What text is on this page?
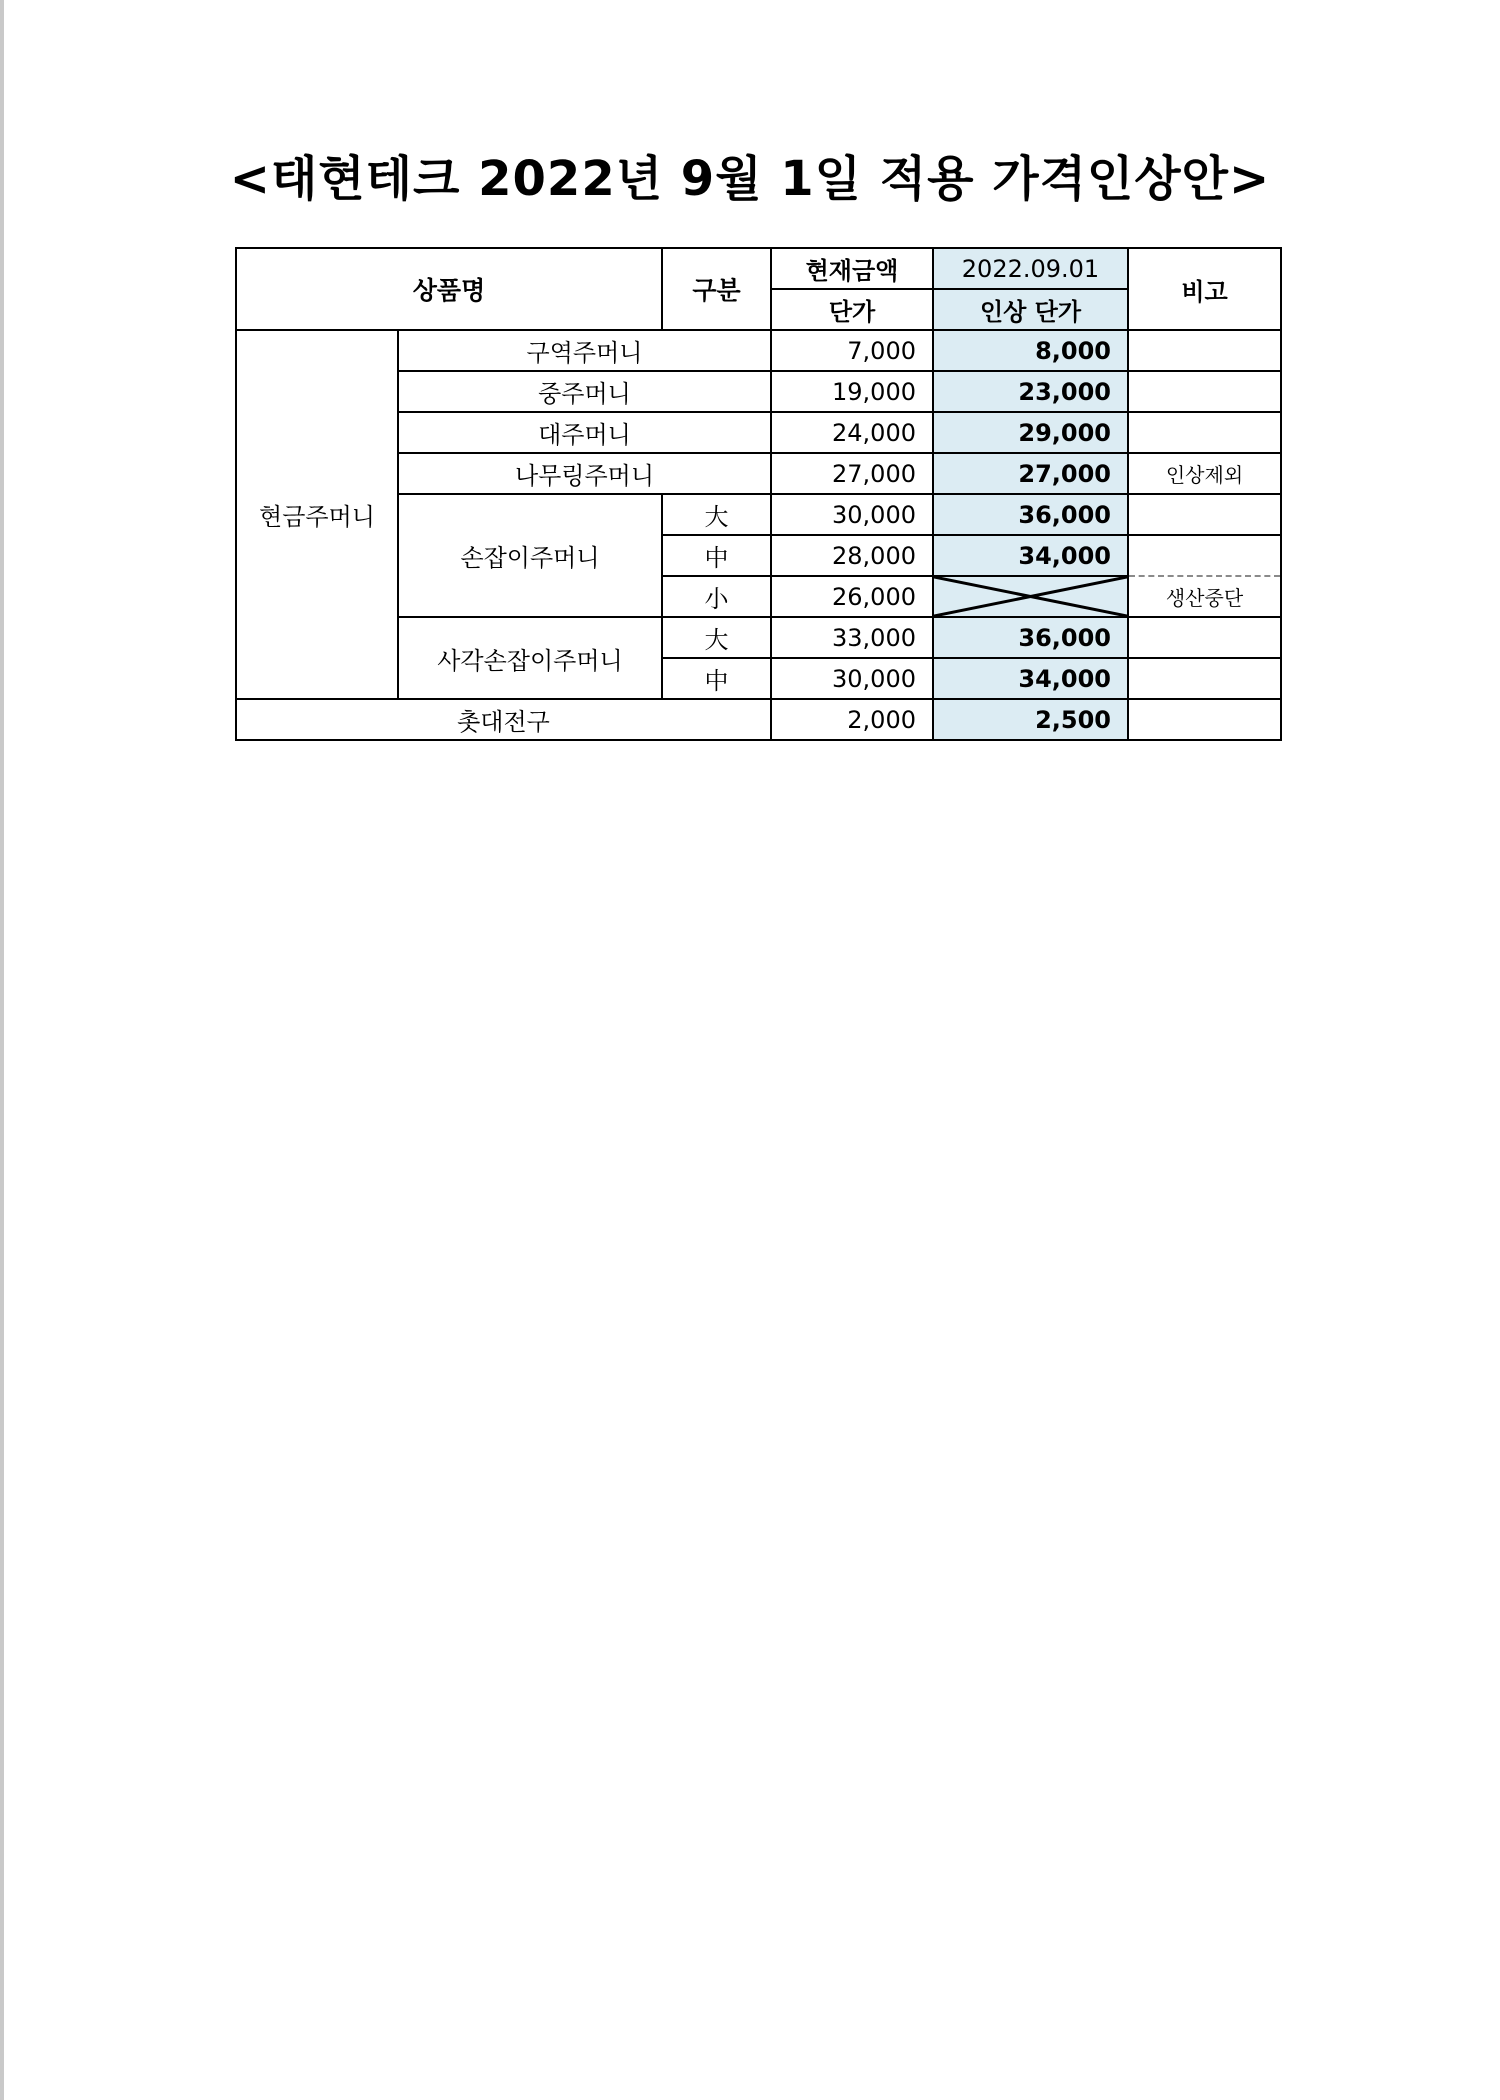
<태현테크 2022년 9월 1일 적용 가격인상안>
상품명		구분	현재금액	2022.09.01	비고
			단가	인상 단가	
현금주머니	구역주머니		7,000	8,000	
	중주머니		19,000	23,000	
	대주머니		24,000	29,000	
	나무링주머니		27,000	27,000	인상제외
	손잡이주머니	大	30,000	36,000	
		中	28,000	34,000	
		小	26,000		생산중단
	사각손잡이주머니	大	33,000	36,000	
		中	30,000	34,000	
촛대전구			2,000	2,500	
